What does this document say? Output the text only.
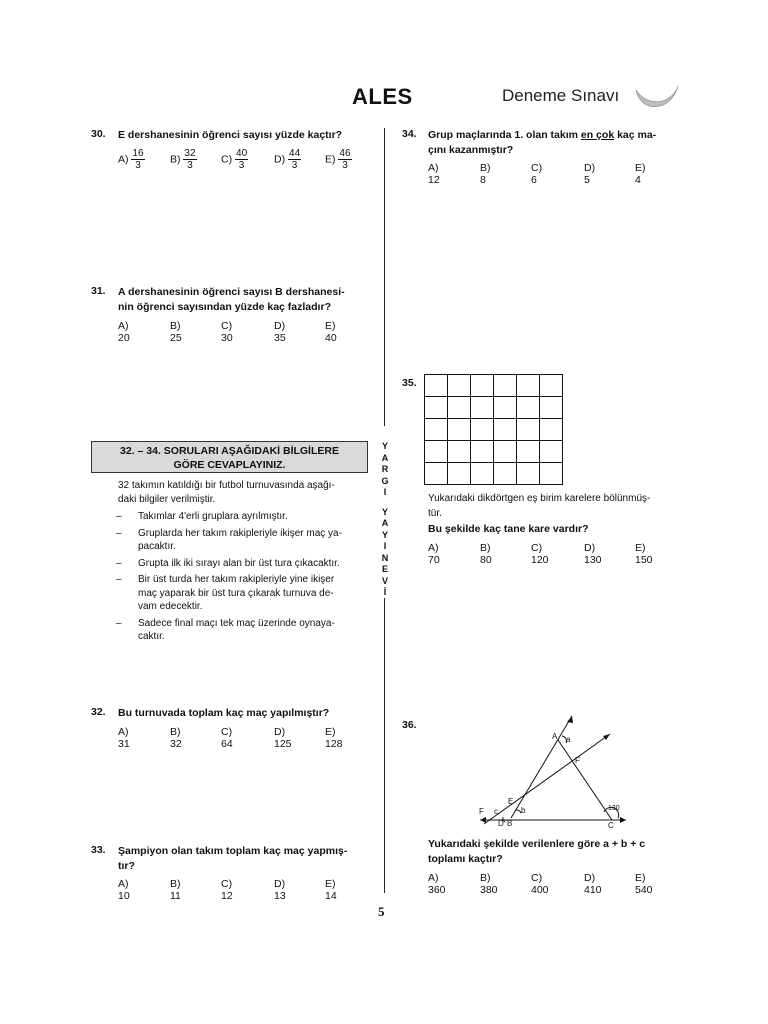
ALES	Deneme Sınavı
Y
A
R
G
I
Y
A
Y
I
N
E
V
İ
30. E dershanesinin öğrenci sayısı yüzde kaçtır?
$A) \frac{16}{3} B) \frac{32}{3} C) \frac{40}{3} D) \frac{44}{3} E) \frac{46}{3}$
31. A dershanesinin öğrenci sayısı B dershanesi-
nin öğrenci sayısından yüzde kaç fazladır?
A) 20
B) 25
C) 30
D) 35
E) 40
32. – 34. SORULARI AŞAĞIDAKİ BİLGİLERE
GÖRE CEVAPLAYINIZ.
32 takımın katıldığı bir futbol turnuvasında aşağı-
daki bilgiler verilmiştir.
–	Takımlar 4'erli gruplara ayrılmıştır.
–	Gruplarda her takım rakipleriyle ikişer maç ya-
pacaktır.
–	Grupta ilk iki sırayı alan bir üst tura çıkacaktır.
–	Bir üst turda her takım rakipleriyle yine ikişer
maç yaparak bir üst tura çıkarak turnuva de-
vam edecektir.
–	Sadece final maçı tek maç üzerinde oynaya-
caktır.
32. Bu turnuvada toplam kaç maç yapılmıştır?
A) 31
B) 32
C) 64
D) 125
E) 128
33. Şampiyon olan takım toplam kaç maç yapmış-
tır?
A) 10
B) 11
C) 12
D) 13
E) 14
34. Grup maçlarında 1. olan takım en çok kaç ma-
çını kazanmıştır?
A) 12
B) 8
C) 6
D) 5
E) 4
35.
Yukarıdaki dikdörtgen eş birim karelere bölünmüş-
tür.
Bu şekilde kaç tane kare vardır?
A) 70
B) 80
C) 120
D) 130
E) 150
36.
A a
F
E
b
c
F
D B	C
130
Yukarıdaki şekilde verilenlere göre a + b + c
toplamı kaçtır?
A) 360
B) 380
C) 400
D) 410
E) 540
5
